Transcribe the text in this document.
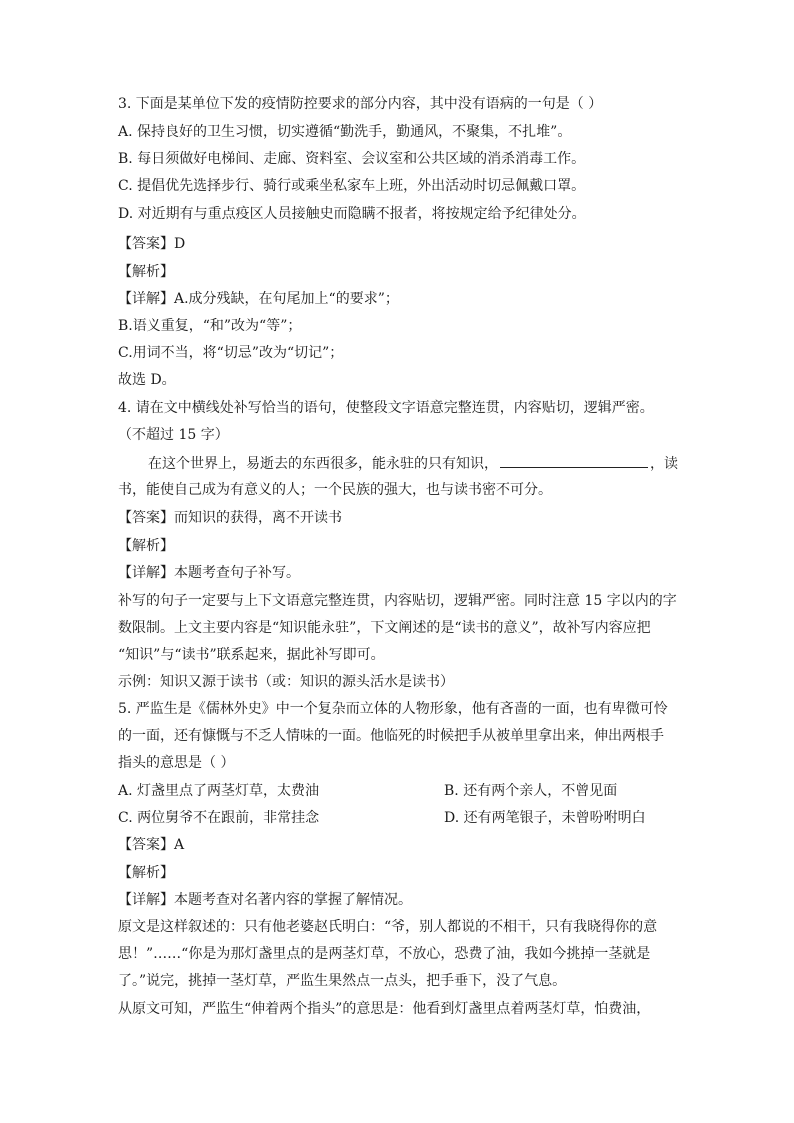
3. 下面是某单位下发的疫情防控要求的部分内容，其中没有语病的一句是（ ）
A. 保持良好的卫生习惯，切实遵循“勤洗手，勤通风，不聚集，不扎堆”。
B. 每日须做好电梯间、走廊、资料室、会议室和公共区域的消杀消毒工作。
C. 提倡优先选择步行、骑行或乘坐私家车上班，外出活动时切忌佩戴口罩。
D. 对近期有与重点疫区人员接触史而隐瞒不报者，将按规定给予纪律处分。
【答案】D
【解析】
【详解】A.成分残缺，在句尾加上“的要求”；
B.语义重复，“和”改为“等”；
C.用词不当，将“切忌”改为“切记”；
故选 D。
4. 请在文中横线处补写恰当的语句，使整段文字语意完整连贯，内容贴切，逻辑严密。
（不超过 15 字）
在这个世界上，易逝去的东西很多，能永驻的只有知识，	，读
书，能使自己成为有意义的人；一个民族的强大，也与读书密不可分。
【答案】而知识的获得，离不开读书
【解析】
【详解】本题考查句子补写。
补写的句子一定要与上下文语意完整连贯，内容贴切，逻辑严密。同时注意 15 字以内的字
数限制。上文主要内容是“知识能永驻”，下文阐述的是“读书的意义”，故补写内容应把
“知识”与“读书”联系起来，据此补写即可。
示例：知识又源于读书（或：知识的源头活水是读书）
5. 严监生是《儒林外史》中一个复杂而立体的人物形象，他有吝啬的一面，也有卑微可怜
的一面，还有慷慨与不乏人情味的一面。他临死的时候把手从被单里拿出来，伸出两根手
指头的意思是（ ）
A. 灯盏里点了两茎灯草，太费油	B. 还有两个亲人，不曾见面
C. 两位舅爷不在跟前，非常挂念	D. 还有两笔银子，未曾吩咐明白
【答案】A
【解析】
【详解】本题考查对名著内容的掌握了解情况。
原文是这样叙述的：只有他老婆赵氏明白：“爷，别人都说的不相干，只有我晓得你的意
思！”……“你是为那灯盏里点的是两茎灯草，不放心，恐费了油，我如今挑掉一茎就是
了。”说完，挑掉一茎灯草，严监生果然点一点头，把手垂下，没了气息。
从原文可知，严监生“伸着两个指头”的意思是：他看到灯盏里点着两茎灯草，怕费油，
